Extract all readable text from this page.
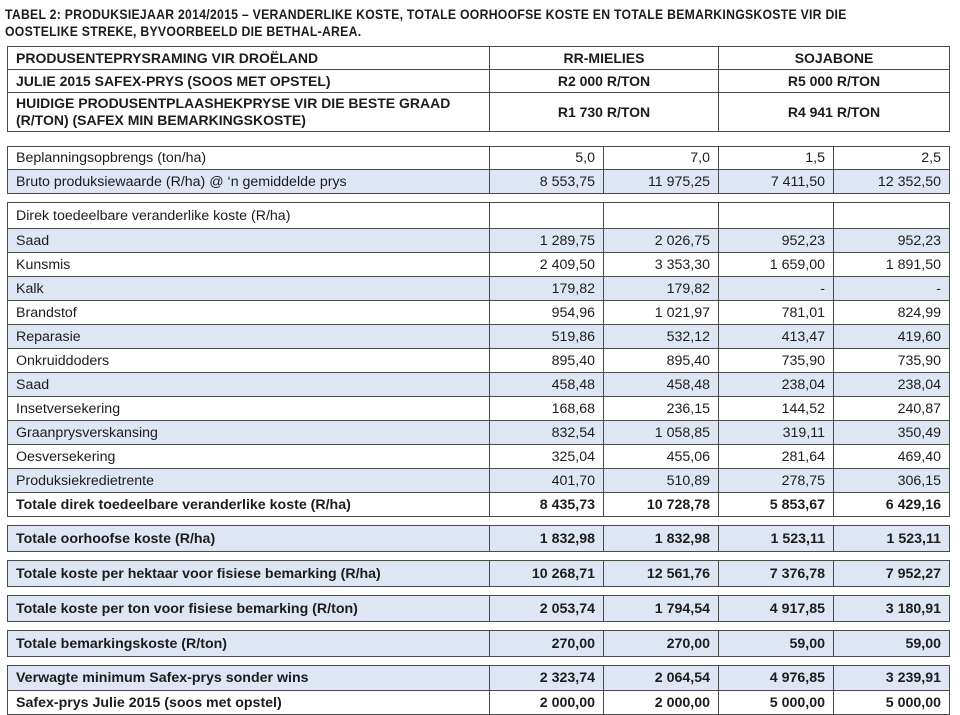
TABEL 2: PRODUKSIEJAAR 2014/2015 – VERANDERLIKE KOSTE, TOTALE OORHOOFSE KOSTE EN TOTALE BEMARKINGSKOSTE VIR DIE
OOSTELIKE STREKE, BYVOORBEELD DIE BETHAL-AREA.
PRODUSENTEPRYSRAMING VIR DROËLAND	RR-MIELIES	SOJABONE
JULIE 2015 SAFEX-PRYS (SOOS MET OPSTEL)	R2 000 R/TON	R5 000 R/TON

HUIDIGE PRODUSENTPLAASHEKPRYSE VIR DIE BESTE GRAAD
(R/TON) (SAFEX MIN BEMARKINGSKOSTE)	R1 730 R/TON	R4 941 R/TON
Beplanningsopbrengs (ton/ha)	5,0	7,0	1,5	2,5
Bruto produksiewaarde (R/ha) @ ‘n gemiddelde prys	8 553,75	11 975,25	7 411,50	12 352,50

Direk toedeelbare veranderlike koste (R/ha)				
Saad	1 289,75	2 026,75	952,23	952,23
Kunsmis	2 409,50	3 353,30	1 659,00	1 891,50
Kalk	179,82	179,82	-	-
Brandstof	954,96	1 021,97	781,01	824,99
Reparasie	519,86	532,12	413,47	419,60
Onkruiddoders	895,40	895,40	735,90	735,90
Saad	458,48	458,48	238,04	238,04
Insetversekering	168,68	236,15	144,52	240,87
Graanprysverskansing	832,54	1 058,85	319,11	350,49
Oesversekering	325,04	455,06	281,64	469,40
Produksiekredietrente	401,70	510,89	278,75	306,15
Totale direk toedeelbare veranderlike koste (R/ha)	8 435,73	10 728,78	5 853,67	6 429,16

Totale oorhoofse koste (R/ha)	1 832,98	1 832,98	1 523,11	1 523,11

Totale koste per hektaar voor fisiese bemarking (R/ha)	10 268,71	12 561,76	7 376,78	7 952,27

Totale koste per ton voor fisiese bemarking (R/ton)	2 053,74	1 794,54	4 917,85	3 180,91

Totale bemarkingskoste (R/ton)	270,00	270,00	59,00	59,00

Verwagte minimum Safex-prys sonder wins	2 323,74	2 064,54	4 976,85	3 239,91
Safex-prys Julie 2015 (soos met opstel)	2 000,00	2 000,00	5 000,00	5 000,00
